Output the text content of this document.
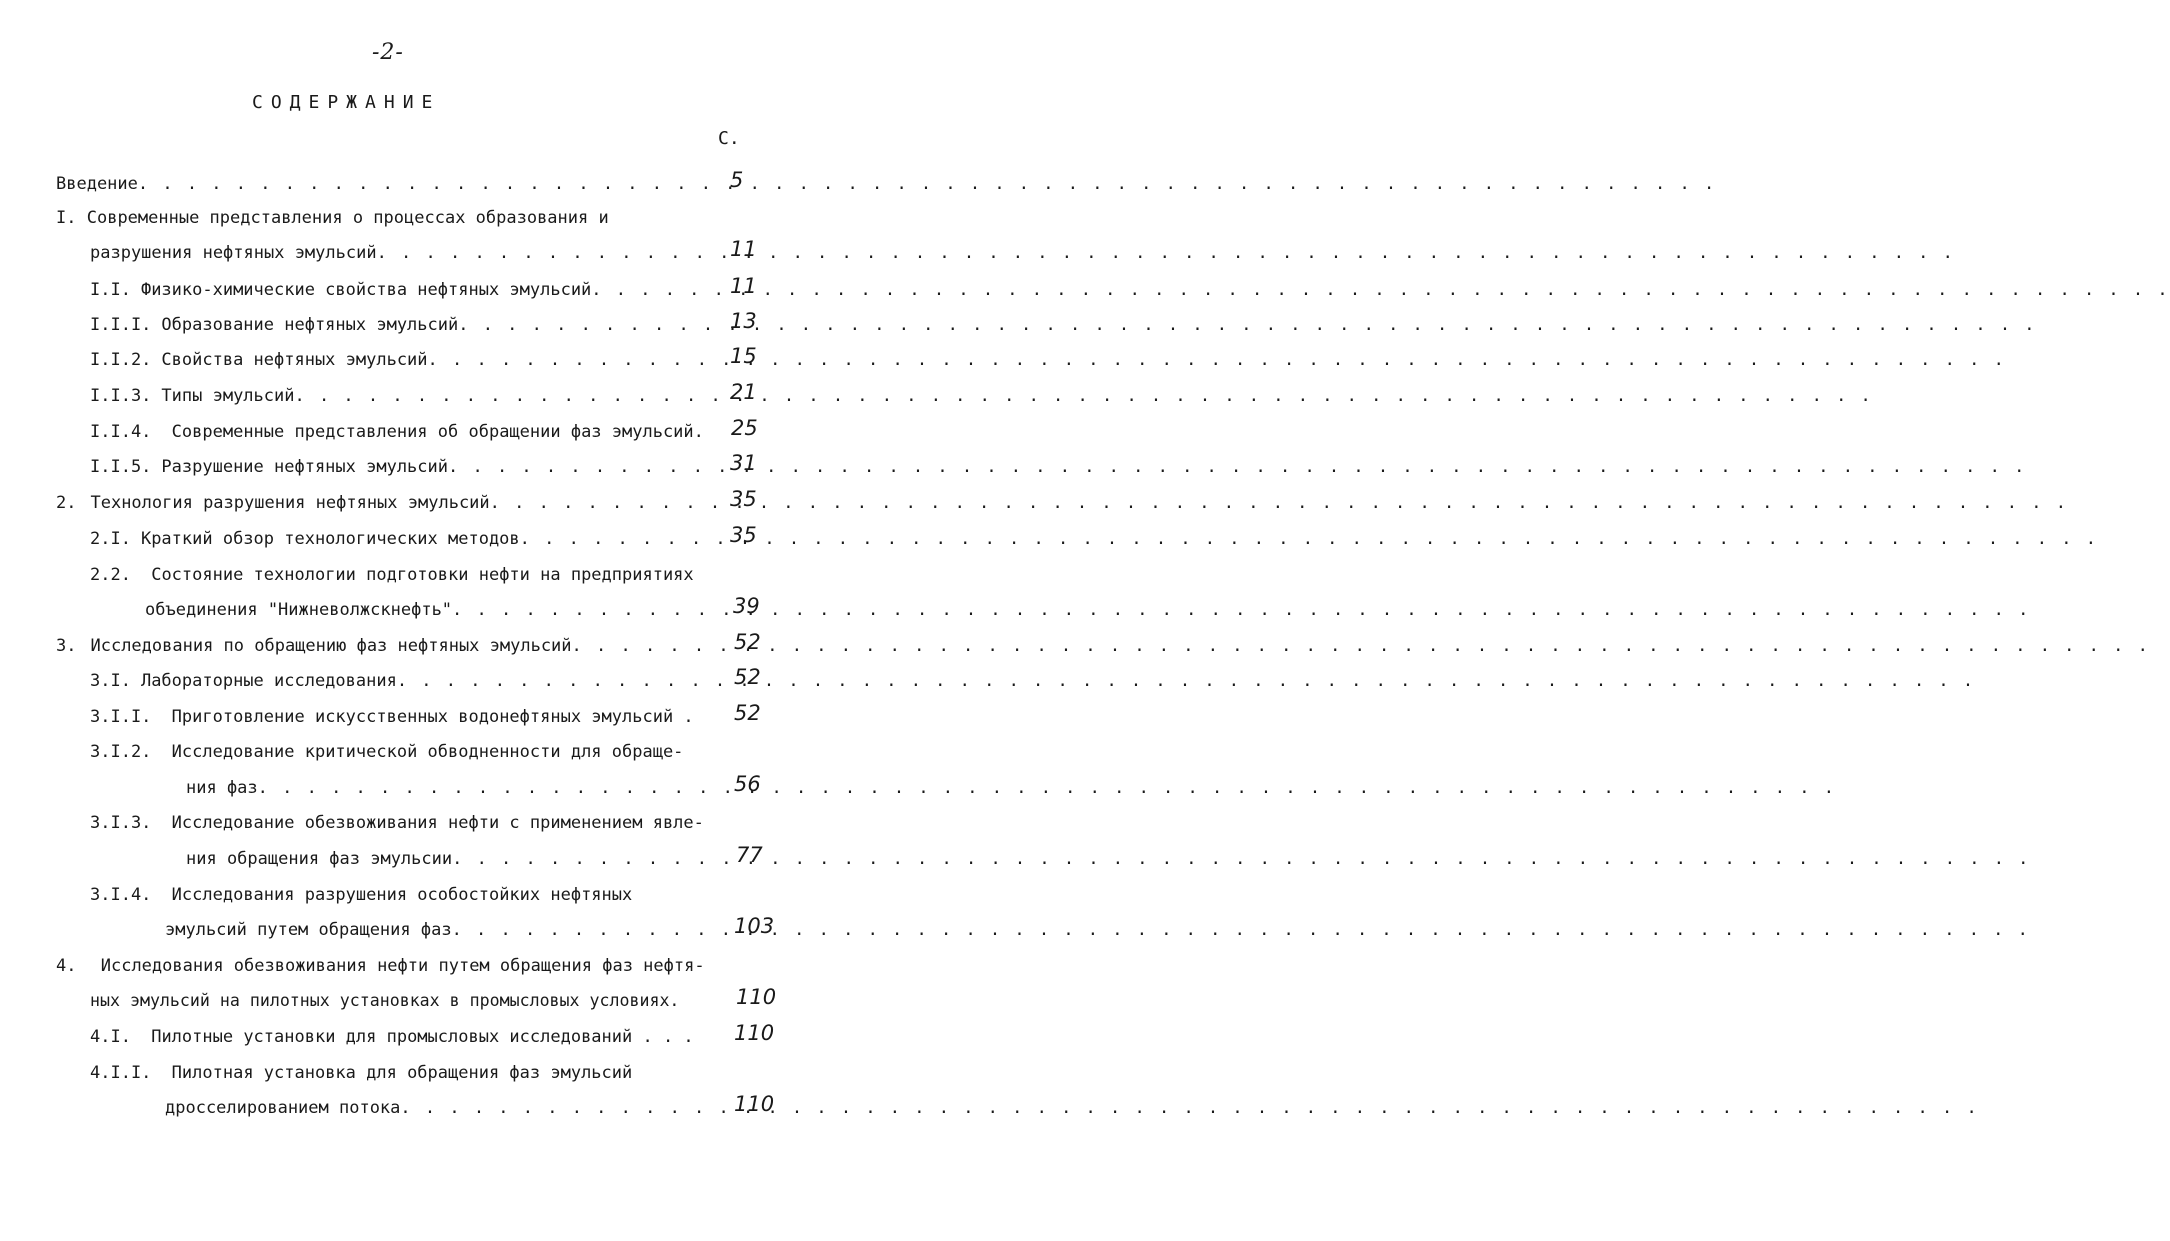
-2-
СОДЕРЖАНИЕ
С.
Введение . . .	5
I. Современные представления о процессах образования и
разрушения нефтяных эмульсий . . .	11
I.I. Физико-химические свойства нефтяных эмульсий . . .	11
I.I.I. Образование нефтяных эмульсий . . .	13
I.I.2. Свойства нефтяных эмульсий . . .	15
I.I.3. Типы эмульсий . . .	21
I.I.4. Современные представления об обращении фаз эмульсий. 25
I.I.5. Разрушение нефтяных эмульсий . . .	31
2. Технология разрушения нефтяных эмульсий . . .	35
2.I. Краткий обзор технологических методов . . .	35
2.2. Состояние технологии подготовки нефти на предприятиях
объединения "Нижневолжскнефть" . . .	39
3. Исследования по обращению фаз нефтяных эмульсий . . .	52
3.I. Лабораторные исследования . . .	52
3.I.I. Приготовление искусственных водонефтяных эмульсий . 52
3.I.2. Исследование критической обводненности для обраще-
ния фаз . . .	56
3.I.3. Исследование обезвоживания нефти с применением явле-
ния обращения фаз эмульсии . . .	77
3.I.4. Исследования разрушения особостойких нефтяных
эмульсий путем обращения фаз . . .	103
4. Исследования обезвоживания нефти путем обращения фаз нефтя-
ных эмульсий на пилотных установках в промысловых условиях.	110
4.I. Пилотные установки для промысловых исследований . . . 110
4.I.I. Пилотная установка для обращения фаз эмульсий
дросселированием потока . . .	110
